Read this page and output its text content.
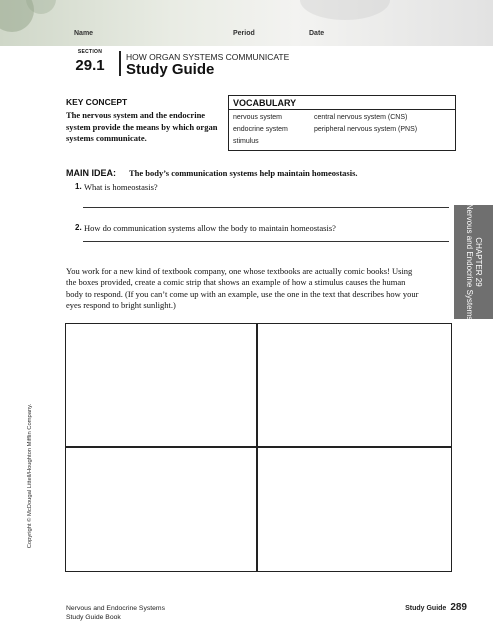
Name	Period	Date
SECTION
29.1	HOW ORGAN SYSTEMS COMMUNICATE
Study Guide
KEY CONCEPT
The nervous system and the endocrine system provide the means by which organ systems communicate.
VOCABULARY
nervous system
endocrine system
stimulus
central nervous system (CNS)
peripheral nervous system (PNS)
MAIN IDEA: The body’s communication systems help maintain homeostasis.
1. What is homeostasis?
2. How do communication systems allow the body to maintain homeostasis?
You work for a new kind of textbook company, one whose textbooks are actually comic books! Using the boxes provided, create a comic strip that shows an example of how a stimulus causes the human body to respond. (If you can’t come up with an example, use the one in the text that describes how your eyes respond to bright sunlight.)
CHAPTER 29
Nervous and Endocrine Systems
Copyright © McDougal Littell/Houghton Mifflin Company.
Nervous and Endocrine Systems
Study Guide Book
Study Guide 289
